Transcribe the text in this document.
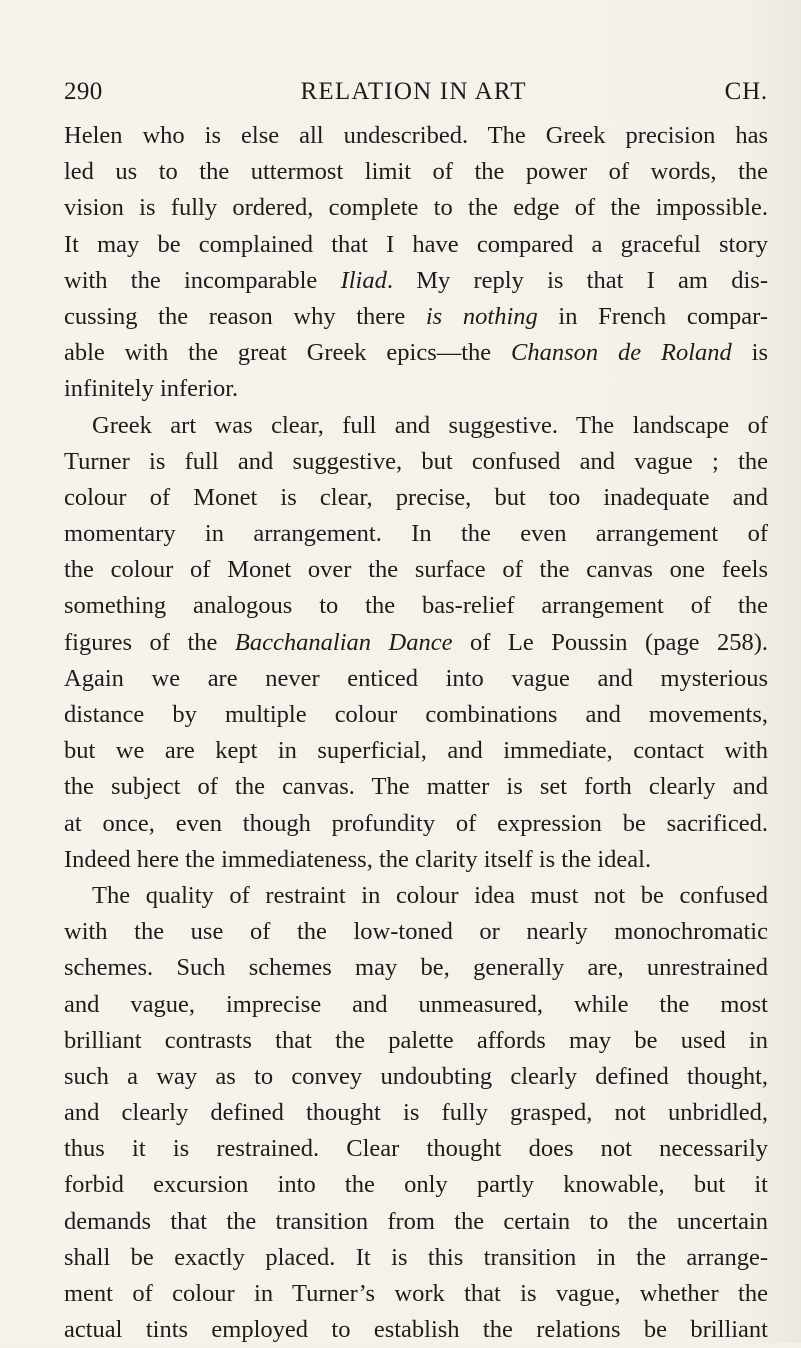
290	RELATION IN ART	CH.
Helen who is else all undescribed. The Greek precision has
led us to the uttermost limit of the power of words, the
vision is fully ordered, complete to the edge of the impossible.
It may be complained that I have compared a graceful story
with the incomparable Iliad. My reply is that I am dis-
cussing the reason why there is nothing in French compar-
able with the great Greek epics—the Chanson de Roland is
infinitely inferior.
Greek art was clear, full and suggestive. The landscape of
Turner is full and suggestive, but confused and vague ; the
colour of Monet is clear, precise, but too inadequate and
momentary in arrangement. In the even arrangement of
the colour of Monet over the surface of the canvas one feels
something analogous to the bas-relief arrangement of the
figures of the Bacchanalian Dance of Le Poussin (page 258).
Again we are never enticed into vague and mysterious
distance by multiple colour combinations and movements,
but we are kept in superficial, and immediate, contact with
the subject of the canvas. The matter is set forth clearly and
at once, even though profundity of expression be sacrificed.
Indeed here the immediateness, the clarity itself is the ideal.
The quality of restraint in colour idea must not be confused
with the use of the low-toned or nearly monochromatic
schemes. Such schemes may be, generally are, unrestrained
and vague, imprecise and unmeasured, while the most
brilliant contrasts that the palette affords may be used in
such a way as to convey undoubting clearly defined thought,
and clearly defined thought is fully grasped, not unbridled,
thus it is restrained. Clear thought does not necessarily
forbid excursion into the only partly knowable, but it
demands that the transition from the certain to the uncertain
shall be exactly placed. It is this transition in the arrange-
ment of colour in Turner’s work that is vague, whether the
actual tints employed to establish the relations be brilliant
